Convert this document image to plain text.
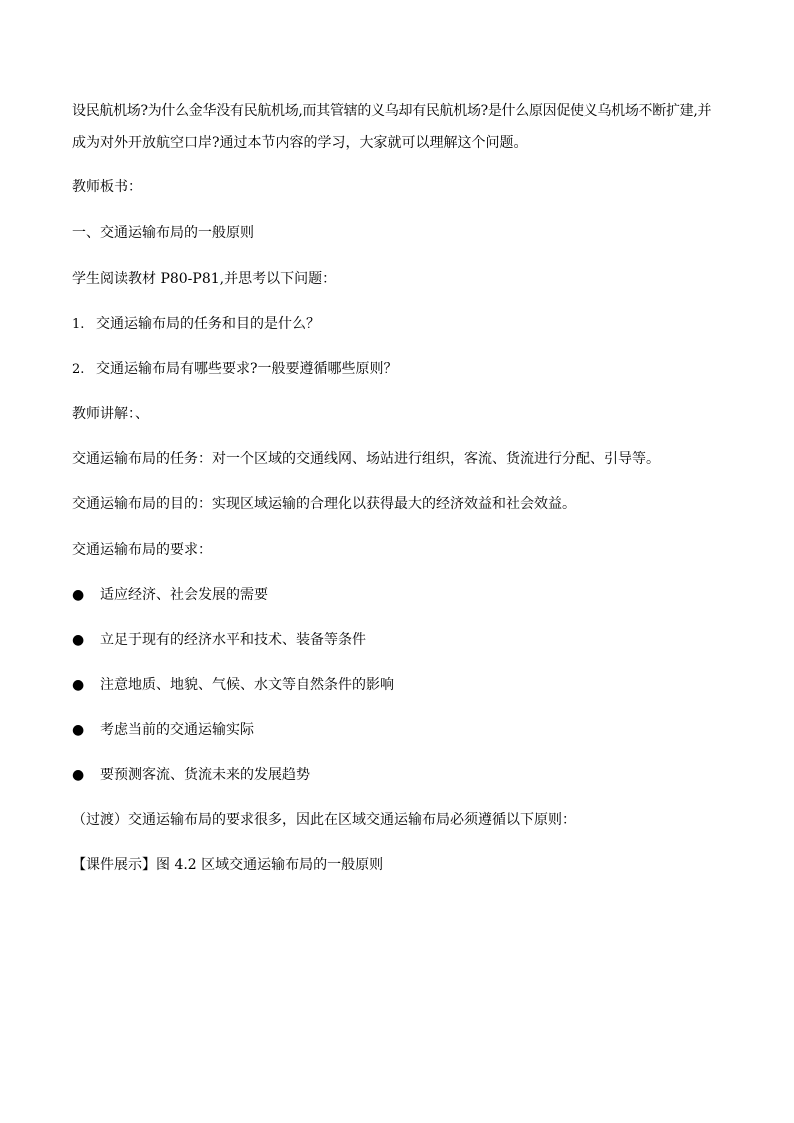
设民航机场?为什么金华没有民航机场,而其管辖的义乌却有民航机场?是什么原因促使义乌机场不断扩建,并
成为对外开放航空口岸?通过本节内容的学习，大家就可以理解这个问题。
教师板书：
一、交通运输布局的一般原则
学生阅读教材 P80-P81,并思考以下问题：
1. 交通运输布局的任务和目的是什么？
2. 交通运输布局有哪些要求?一般要遵循哪些原则？
教师讲解：、
交通运输布局的任务：对一个区域的交通线网、场站进行组织，客流、货流进行分配、引导等。
交通运输布局的目的：实现区域运输的合理化以获得最大的经济效益和社会效益。
交通运输布局的要求：
● 适应经济、社会发展的需要
● 立足于现有的经济水平和技术、装备等条件
● 注意地质、地貌、气候、水文等自然条件的影响
● 考虑当前的交通运输实际
● 要预测客流、货流未来的发展趋势
（过渡）交通运输布局的要求很多，因此在区域交通运输布局必须遵循以下原则：
【课件展示】图 4.2 区域交通运输布局的一般原则
